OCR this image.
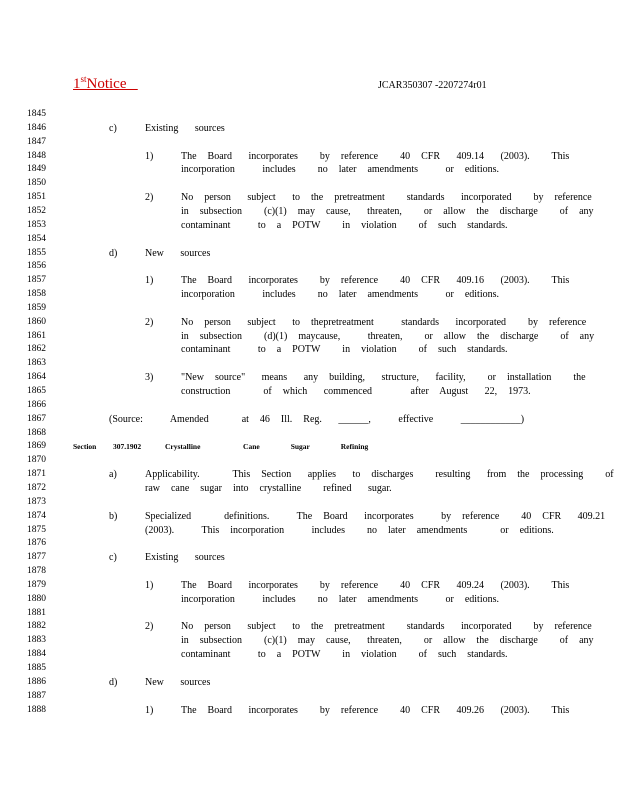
1stNotice	JCAR350307 -2207274r01
1845
1846	c)	Existing   sources
1847
1848	1)	The  Board   incorporates    by  reference    40  CFR   409.14   (2003).    This
1849	incorporation     includes    no  later  amendments     or  editions.
1850
1851	2)	No  person   subject   to  the  pretreatment    standards   incorporated    by  reference
1852	in  subsection    (c)(1)  may  cause,   threaten,    or  allow  the  discharge    of  any
1853	contaminant     to  a  POTW    in  violation    of  such  standards.
1854
1855	d)	New   sources
1856
1857	1)	The  Board   incorporates    by  reference    40  CFR   409.16   (2003).    This
1858	incorporation     includes    no  later  amendments     or  editions.
1859
1860	2)	No  person   subject   to  thepretreatment     standards   incorporated    by  reference
1861	in  subsection    (d)(1)  maycause,     threaten,    or  allow  the  discharge    of  any
1862	contaminant     to  a  POTW    in  violation    of  such  standards.
1863
1864	3)	"New  source"   means   any  building,   structure,   facility,    or  installation    the
1865	construction      of  which   commenced       after  August   22,  1973.
1866
1867	(Source:     Amended      at  46  Ill.  Reg.   ______,     effective     ____________)
1868
1869	Section 307.1902	Crystalline           Cane        Sugar        Refining
1870
1871	a)	Applicability.      This  Section   applies   to  discharges    resulting   from  the  processing    of
1872	raw  cane  sugar  into  crystalline    refined   sugar.
1873
1874	b)	Specialized      definitions.     The  Board   incorporates     by  reference    40  CFR   409.21
1875	(2003).     This  incorporation     includes    no  later  amendments      or  editions.
1876
1877	c)	Existing   sources
1878
1879	1)	The  Board   incorporates    by  reference    40  CFR   409.24   (2003).    This
1880	incorporation     includes    no  later  amendments     or  editions.
1881
1882	2)	No  person   subject   to  the  pretreatment    standards   incorporated    by  reference
1883	in  subsection    (c)(1)  may  cause,   threaten,    or  allow  the  discharge    of  any
1884	contaminant     to  a  POTW    in  violation    of  such  standards.
1885
1886	d)	New   sources
1887
1888	1)	The  Board   incorporates    by  reference    40  CFR   409.26   (2003).    This
